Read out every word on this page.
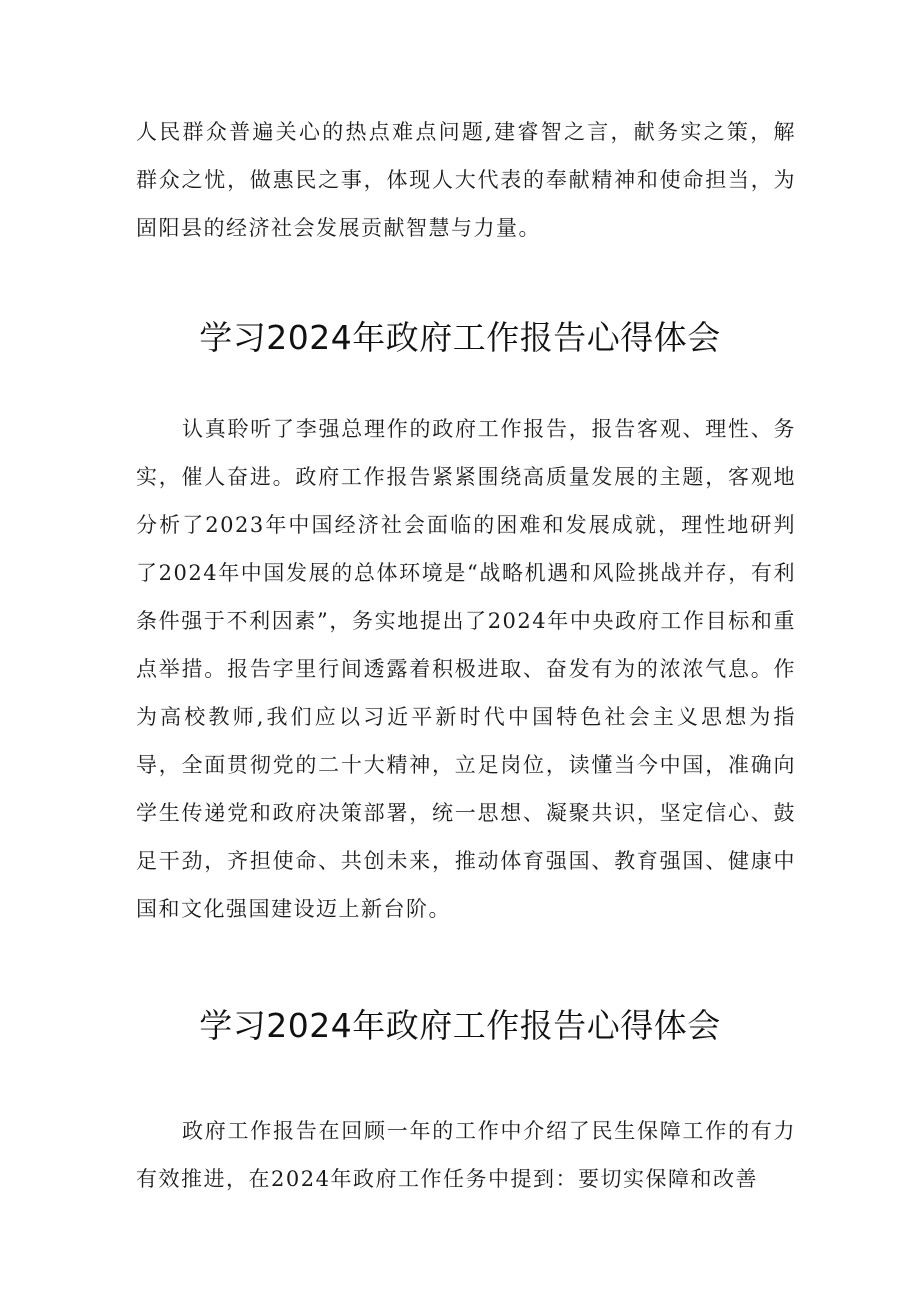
人民群众普遍关心的热点难点问题,建睿智之言，献务实之策，解群众之忧，做惠民之事，体现人大代表的奉献精神和使命担当，为固阳县的经济社会发展贡献智慧与力量。

学习2024年政府工作报告心得体会

认真聆听了李强总理作的政府工作报告，报告客观、理性、务实，催人奋进。政府工作报告紧紧围绕高质量发展的主题，客观地分析了2023年中国经济社会面临的困难和发展成就，理性地研判了2024年中国发展的总体环境是“战略机遇和风险挑战并存，有利条件强于不利因素”，务实地提出了2024年中央政府工作目标和重点举措。报告字里行间透露着积极进取、奋发有为的浓浓气息。作为高校教师,我们应以习近平新时代中国特色社会主义思想为指导，全面贯彻党的二十大精神，立足岗位，读懂当今中国，准确向学生传递党和政府决策部署，统一思想、凝聚共识，坚定信心、鼓足干劲，齐担使命、共创未来，推动体育强国、教育强国、健康中国和文化强国建设迈上新台阶。

学习2024年政府工作报告心得体会

政府工作报告在回顾一年的工作中介绍了民生保障工作的有力有效推进，在2024年政府工作任务中提到：要切实保障和改善
